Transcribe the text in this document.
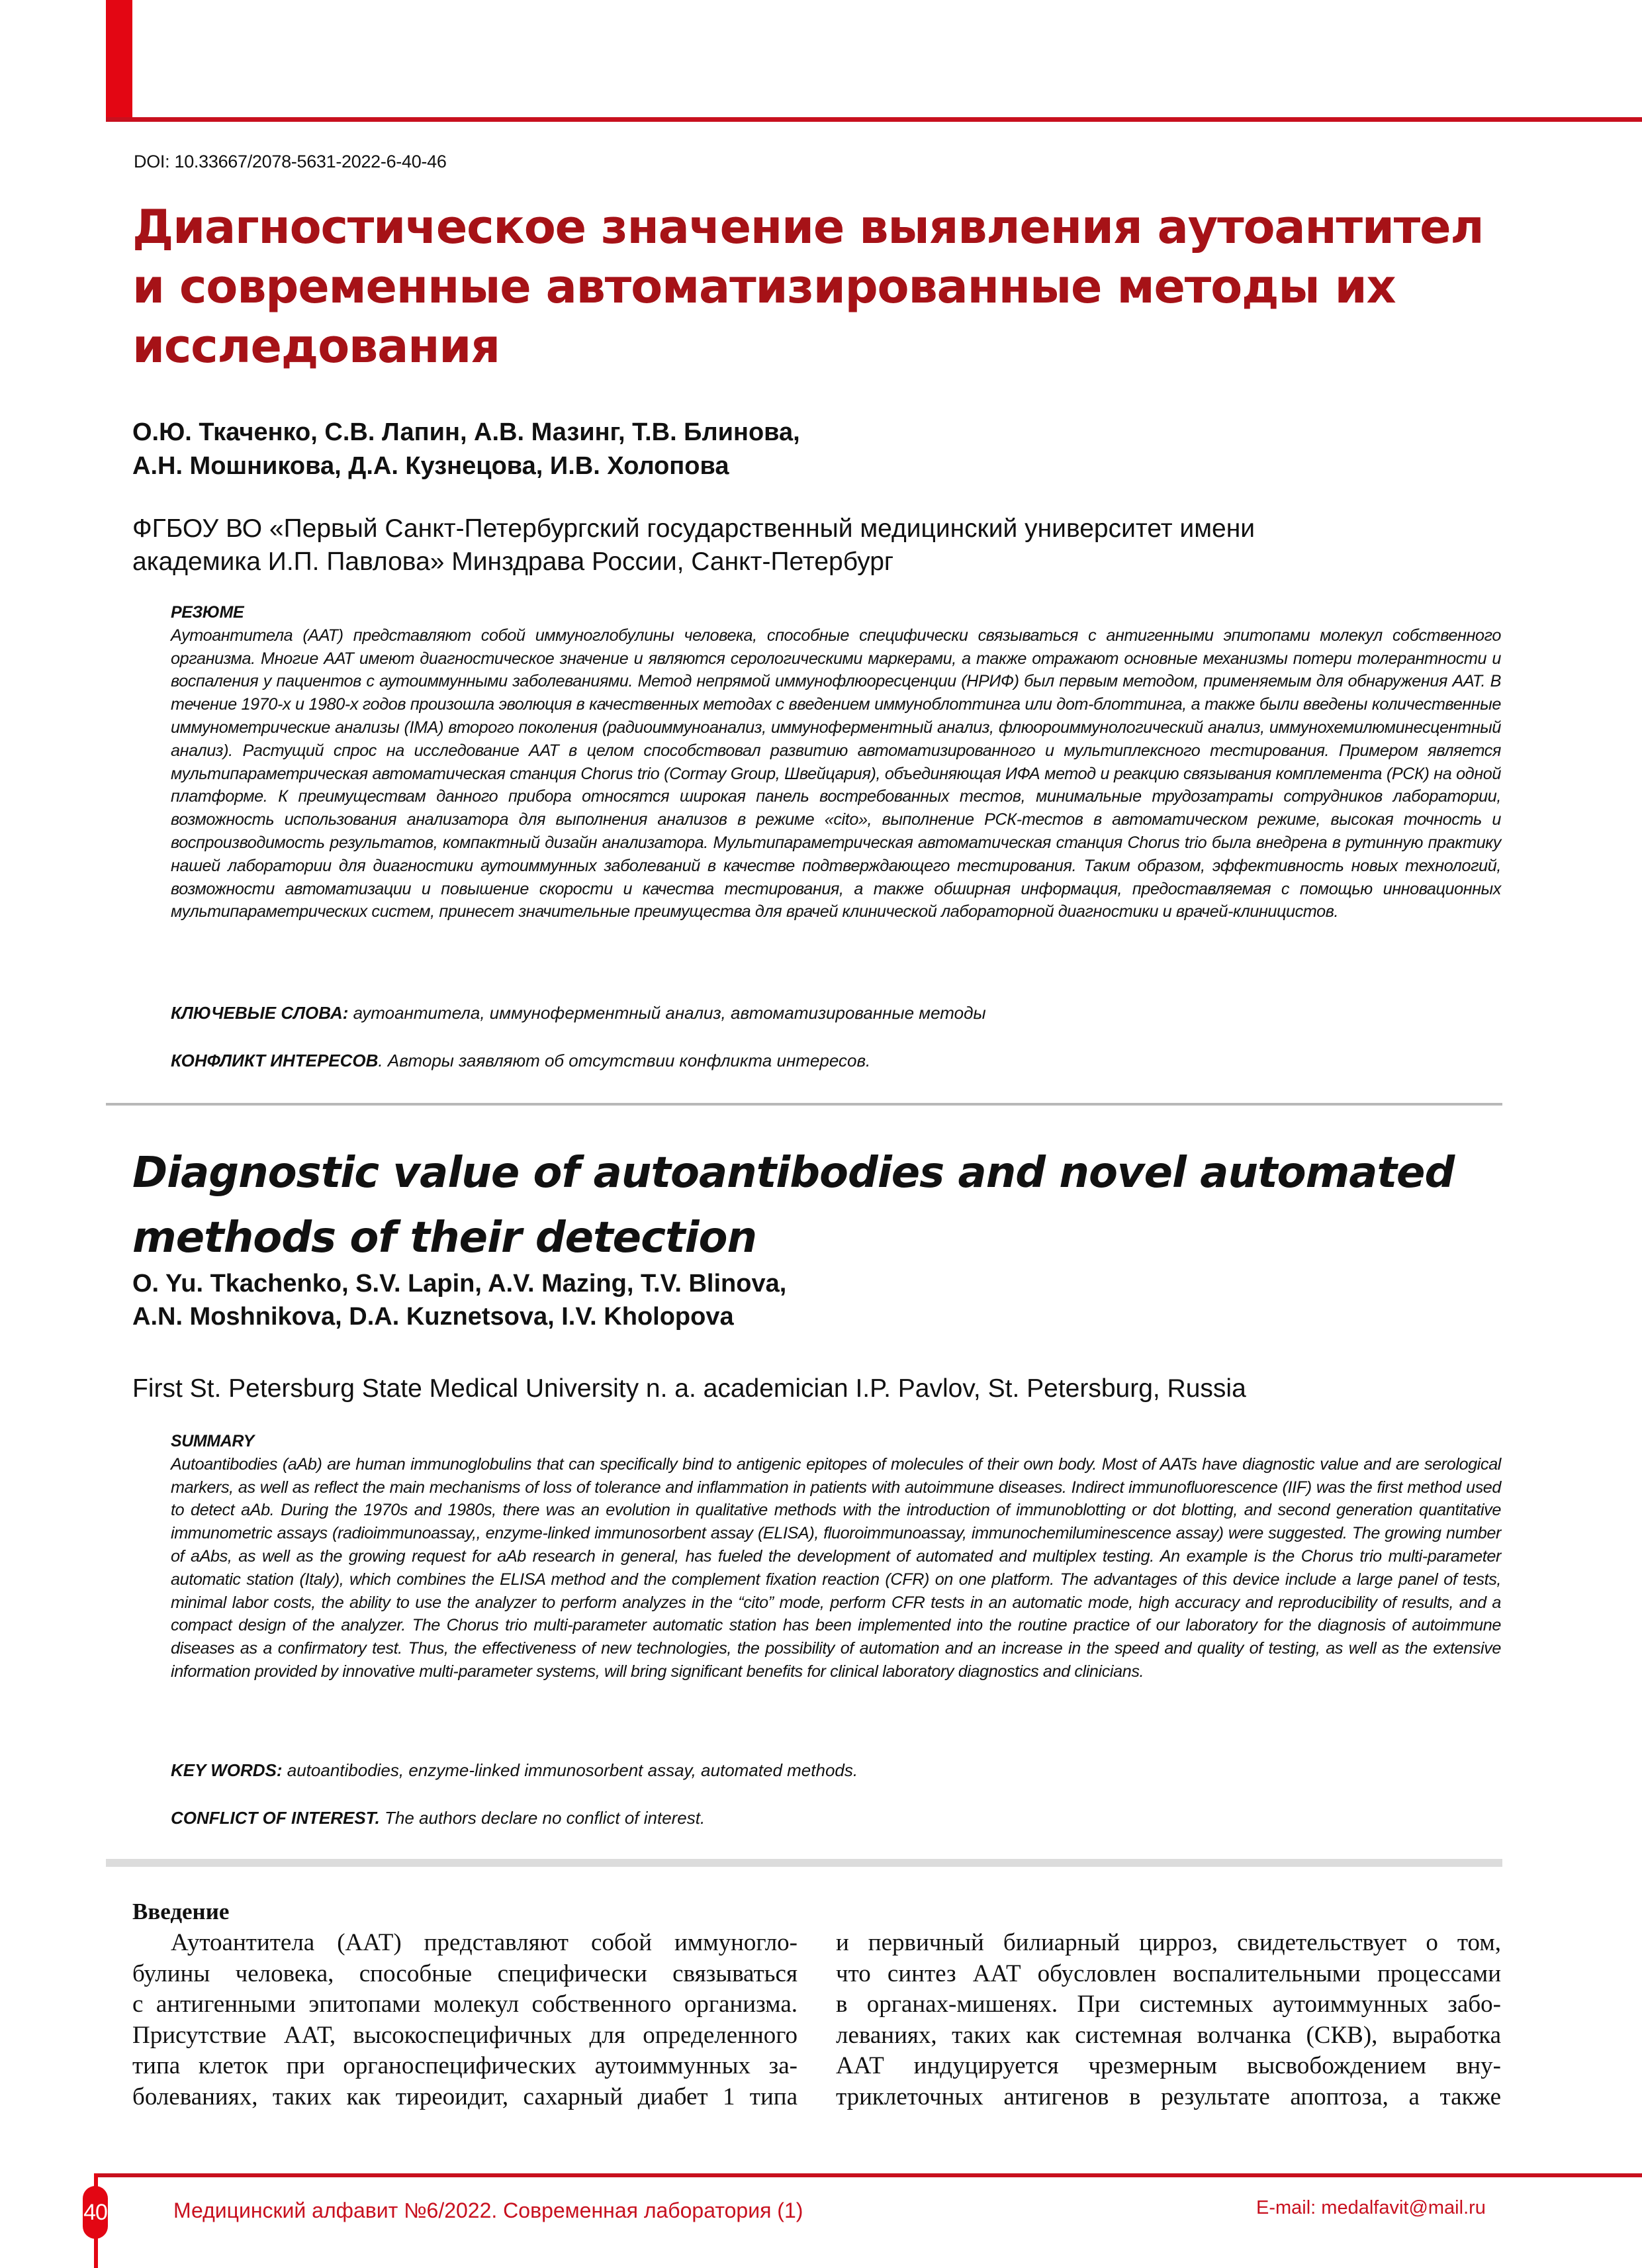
DOI: 10.33667/2078-5631-2022-6-40-46
Диагностическое значение выявления аутоантител
и современные автоматизированные методы их
исследования
О.Ю. Ткаченко, С.В. Лапин, А.В. Мазинг, Т.В. Блинова,
А.Н. Мошникова, Д.А. Кузнецова, И.В. Холопова
ФГБОУ ВО «Первый Санкт-Петербургский государственный медицинский университет имени
академика И.П. Павлова» Минздрава России, Санкт-Петербург
РЕЗЮМЕ

Аутоантитела (ААТ) представляют собой иммуноглобулины человека, способные специфически связываться с антигенными эпитопами молекул собственного организма. Многие ААТ имеют диагностическое значение и являются серологическими маркерами, а также отражают основные механизмы потери толерантности и воспаления у пациентов с аутоиммунными заболеваниями. Метод непрямой иммунофлюоресценции (НРИФ) был первым методом, применяемым для обнаружения ААТ. В течение 1970-х и 1980-х годов произошла эволюция в качественных методах с введением иммуноблоттинга или дот-блоттинга, а также были введены количественные иммунометрические анализы (IMA) второго поколения (радиоиммуноанализ, иммуноферментный анализ, флюороиммунологический анализ, иммунохемилюминесцентный анализ). Растущий спрос на исследование ААТ в целом способствовал развитию автоматизированного и мультиплексного тестирования. Примером является мультипараметрическая автоматическая станция Chorus trio (Cormay Group, Швейцария), объединяющая ИФА метод и реакцию связывания комплемента (РСК) на одной платформе. К преимуществам данного прибора относятся широкая панель востребованных тестов, минимальные трудозатраты сотрудников лаборатории, возможность использования анализатора для выполнения анализов в режиме «cito», выполнение РСК-тестов в автоматическом режиме, высокая точность и воспроизводимость результатов, компактный дизайн анализатора. Мультипараметрическая автоматическая станция Chorus trio была внедрена в рутинную практику нашей лаборатории для диагностики аутоиммунных заболеваний в качестве подтверждающего тестирования. Таким образом, эффективность новых технологий, возможности автоматизации и повышение скорости и качества тестирования, а также обширная информация, предоставляемая с помощью инновационных мультипараметрических систем, принесет значительные преимущества для врачей клинической лабораторной диагностики и врачей-клиницистов.

КЛЮЧЕВЫЕ СЛОВА: аутоантитела, иммуноферментный анализ, автоматизированные методы
КОНФЛИКТ ИНТЕРЕСОВ. Авторы заявляют об отсутствии конфликта интересов.
Diagnostic value of autoantibodies and novel automated
methods of their detection
O. Yu. Tkachenko, S.V. Lapin, A.V. Mazing, T.V. Blinova,
A.N. Moshnikova, D.A. Kuznetsova, I.V. Kholopova
First St. Petersburg State Medical University n. a. academician I.P. Pavlov, St. Petersburg, Russia
SUMMARY

Autoantibodies (aAb) are human immunoglobulins that can specifically bind to antigenic epitopes of molecules of their own body. Most of AATs have diagnostic value and are serological markers, as well as reflect the main mechanisms of loss of tolerance and inflammation in patients with autoimmune diseases. Indirect immunofluorescence (IIF) was the first method used to detect aAb. During the 1970s and 1980s, there was an evolution in qualitative methods with the introduction of immunoblotting or dot blotting, and second generation quantitative immunometric assays (radioimmunoassay,, enzyme-linked immunosorbent assay (ELISA), fluoroimmunoassay, immunochemiluminescence assay) were suggested. The growing number of aAbs, as well as the growing request for aAb research in general, has fueled the development of automated and multiplex testing. An example is the Chorus trio multi-parameter automatic station (Italy), which combines the ELISA method and the complement fixation reaction (CFR) on one platform. The advantages of this device include a large panel of tests, minimal labor costs, the ability to use the analyzer to perform analyzes in the “cito” mode, perform CFR tests in an automatic mode, high accuracy and reproducibility of results, and a compact design of the analyzer. The Chorus trio multi-parameter automatic station has been implemented into the routine practice of our laboratory for the diagnosis of autoimmune diseases as a confirmatory test. Thus, the effectiveness of new technologies, the possibility of automation and an increase in the speed and quality of testing, as well as the extensive information provided by innovative multi-parameter systems, will bring significant benefits for clinical laboratory diagnostics and clinicians.

KEY WORDS: autoantibodies, enzyme-linked immunosorbent assay, automated methods.
CONFLICT OF INTEREST. The authors declare no conflict of interest.
Введение
Аутоантитела (ААТ) представляют собой иммуногло-
булины человека, способные специфически связываться
с антигенными эпитопами молекул собственного организма.
Присутствие ААТ, высокоспецифичных для определенного
типа клеток при органоспецифических аутоиммунных за-
болеваниях, таких как тиреоидит, сахарный диабет 1 типа
и первичный билиарный цирроз, свидетельствует о том,
что синтез ААТ обусловлен воспалительными процессами
в органах-мишенях. При системных аутоиммунных забо-
леваниях, таких как системная волчанка (СКВ), выработка
ААТ индуцируется чрезмерным высвобождением вну-
триклеточных антигенов в результате апоптоза, а также
40	Медицинский алфавит №6/2022. Современная лаборатория (1)	E-mail: medalfavit@mail.ru
